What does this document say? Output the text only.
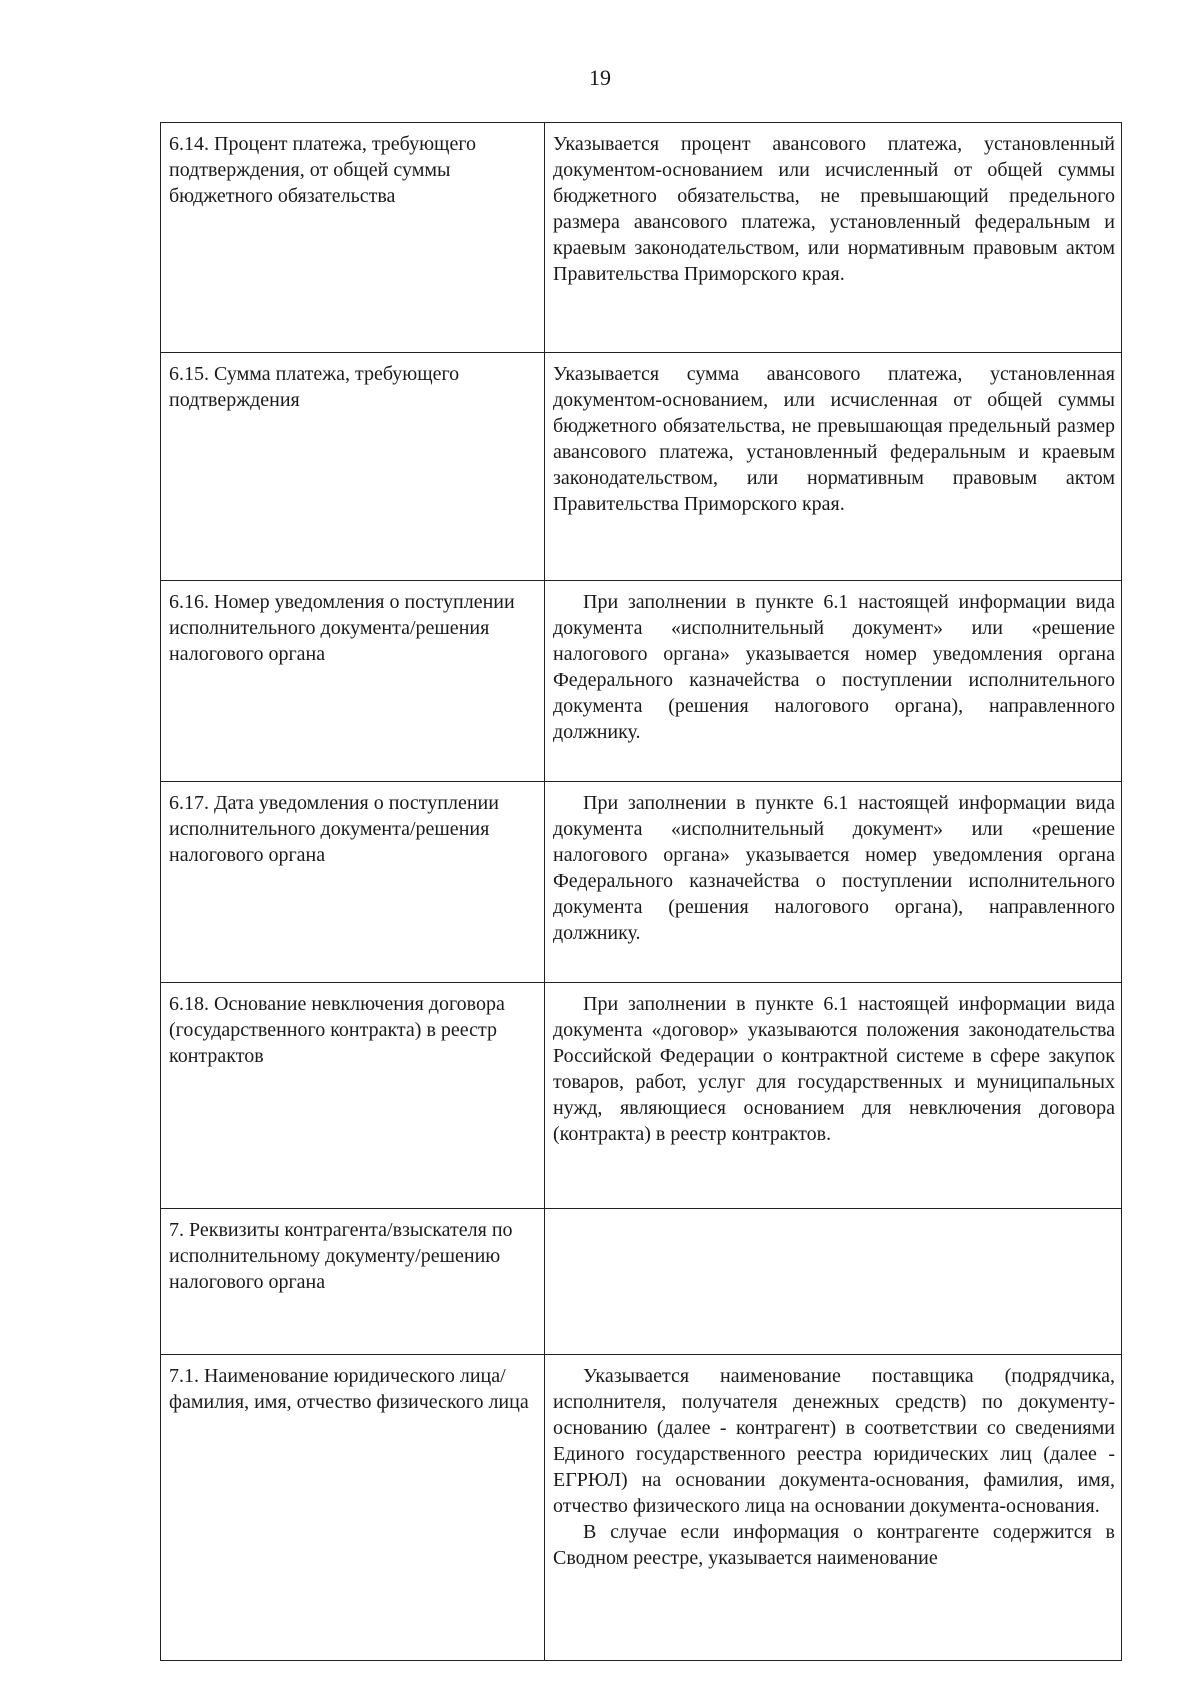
19
6.14. Процент платежа, требующего подтверждения, от общей суммы бюджетного обязательства	Указывается процент авансового платежа, установленный документом-основанием или исчисленный от общей суммы бюджетного обязательства, не превышающий предельного размера авансового платежа, установленный федеральным и краевым законодательством, или нормативным правовым актом Правительства Приморского края.

6.15. Сумма платежа, требующего подтверждения	Указывается сумма авансового платежа, установленная документом-основанием, или исчисленная от общей суммы бюджетного обязательства, не превышающая предельный размер авансового платежа, установленный федеральным и краевым законодательством, или нормативным правовым актом Правительства Приморского края.

6.16. Номер уведомления о поступлении исполнительного документа/решения налогового органа	При заполнении в пункте 6.1 настоящей информации вида документа «исполнительный документ» или «решение налогового органа» указывается номер уведомления органа Федерального казначейства о поступлении исполнительного документа (решения налогового органа), направленного должнику.

6.17. Дата уведомления о поступлении исполнительного документа/решения налогового органа	При заполнении в пункте 6.1 настоящей информации вида документа «исполнительный документ» или «решение налогового органа» указывается номер уведомления органа Федерального казначейства о поступлении исполнительного документа (решения налогового органа), направленного должнику.

6.18. Основание невключения договора (государственного контракта) в реестр контрактов	При заполнении в пункте 6.1 настоящей информации вида документа «договор» указываются положения законодательства Российской Федерации о контрактной системе в сфере закупок товаров, работ, услуг для государственных и муниципальных нужд, являющиеся основанием для невключения договора (контракта) в реестр контрактов.

7. Реквизиты контрагента/взыскателя по исполнительному документу/решению налогового органа	
7.1. Наименование юридического лица/фамилия, имя, отчество физического лица	Указывается наименование поставщика (подрядчика, исполнителя, получателя денежных средств) по документу-основанию (далее - контрагент) в соответствии со сведениями Единого государственного реестра юридических лиц (далее - ЕГРЮЛ) на основании документа-основания, фамилия, имя, отчество физического лица на основании документа-основания.

В случае если информация о контрагенте содержится в Сводном реестре, указывается наименование
